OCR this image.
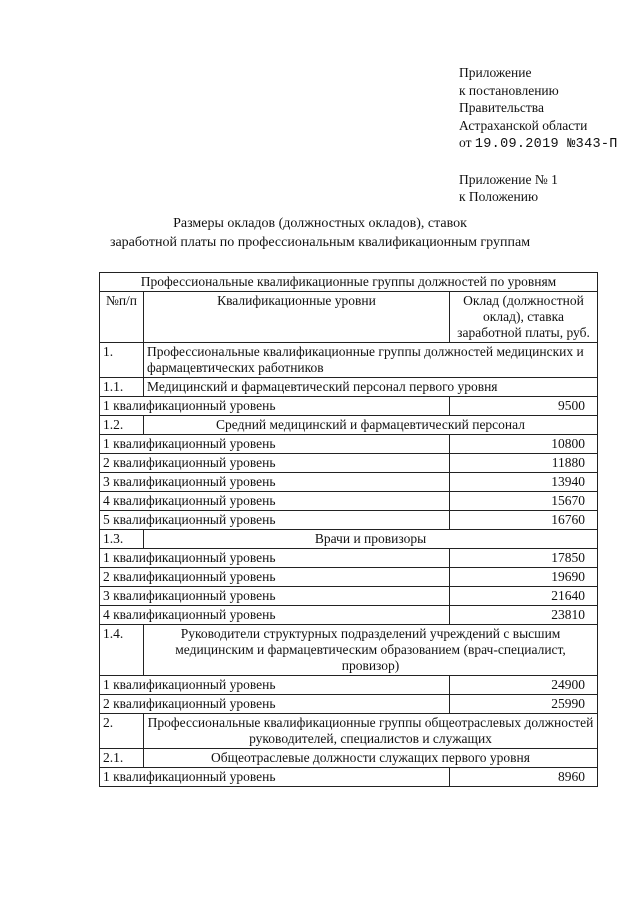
Приложение
к постановлению
Правительства
Астраханской области
от 19.09.2019 №343-П
Приложение № 1
к Положению
Размеры окладов (должностных окладов), ставок
заработной платы по профессиональным квалификационным группам
Профессиональные квалификационные группы должностей по уровням		
№п/п	Квалификационные уровни	Оклад (должностной оклад), ставка заработной платы, руб.
1.	Профессиональные квалификационные группы должностей медицинских и фармацевтических работников	
1.1.	Медицинский и фармацевтический персонал первого уровня	
1 квалификационный уровень		9500
1.2.	Средний медицинский и фармацевтический персонал	
1 квалификационный уровень		10800
2 квалификационный уровень		11880
3 квалификационный уровень		13940
4 квалификационный уровень		15670
5 квалификационный уровень		16760
1.3.	Врачи и провизоры	
1 квалификационный уровень		17850
2 квалификационный уровень		19690
3 квалификационный уровень		21640
4 квалификационный уровень		23810
1.4.	Руководители структурных подразделений учреждений с высшим медицинским и фармацевтическим образованием (врач-специалист, провизор)	
1 квалификационный уровень		24900
2 квалификационный уровень		25990
2.	Профессиональные квалификационные группы общеотраслевых должностей руководителей, специалистов и служащих	
2.1.	Общеотраслевые должности служащих первого уровня	
1 квалификационный уровень		8960
